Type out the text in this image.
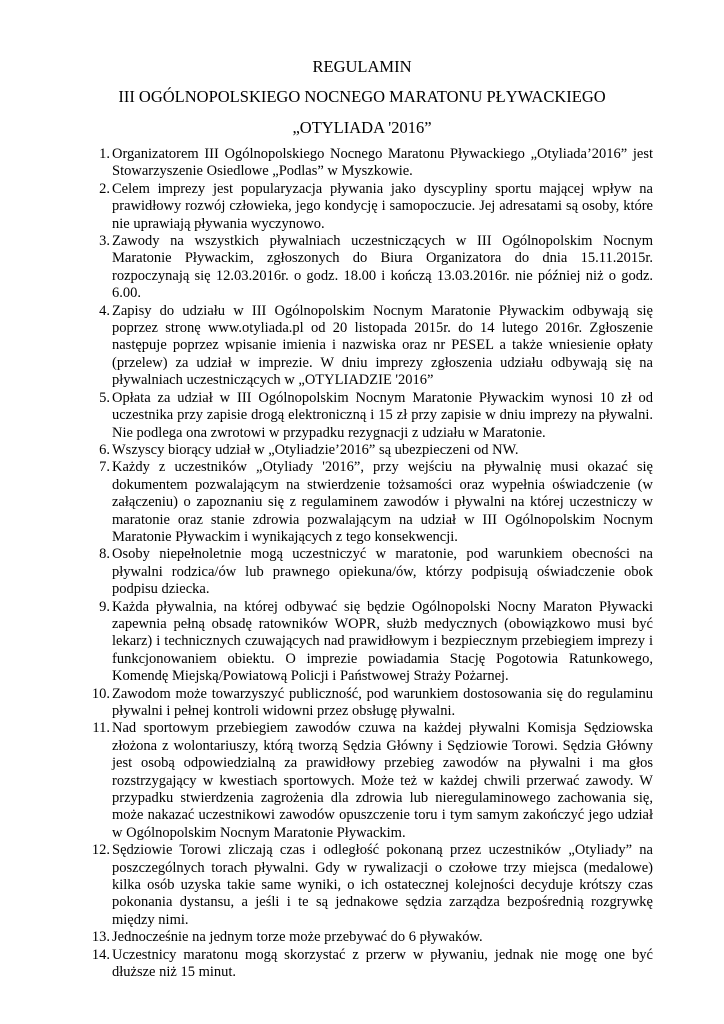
REGULAMIN
III OGÓLNOPOLSKIEGO NOCNEGO MARATONU PŁYWACKIEGO
„OTYLIADA '2016”
1. Organizatorem III Ogólnopolskiego Nocnego Maratonu Pływackiego „Otyliada’2016” jest Stowarzyszenie Osiedlowe „Podlas” w Myszkowie.
2. Celem imprezy jest popularyzacja pływania jako dyscypliny sportu mającej wpływ na prawidłowy rozwój człowieka, jego kondycję i samopoczucie. Jej adresatami są osoby, które nie uprawiają pływania wyczynowo.
3. Zawody na wszystkich pływalniach uczestniczących w III Ogólnopolskim Nocnym Maratonie Pływackim, zgłoszonych do Biura Organizatora do dnia 15.11.2015r. rozpoczynają się 12.03.2016r. o godz. 18.00 i kończą 13.03.2016r. nie później niż o godz. 6.00.
4. Zapisy do udziału w III Ogólnopolskim Nocnym Maratonie Pływackim odbywają się poprzez stronę www.otyliada.pl od 20 listopada 2015r. do 14 lutego 2016r. Zgłoszenie następuje poprzez wpisanie imienia i nazwiska oraz nr PESEL a także wniesienie opłaty (przelew) za udział w imprezie. W dniu imprezy zgłoszenia udziału odbywają się na pływalniach uczestniczących w „OTYLIADZIE '2016”
5. Opłata za udział w III Ogólnopolskim Nocnym Maratonie Pływackim wynosi 10 zł od uczestnika przy zapisie drogą elektroniczną i 15 zł przy zapisie w dniu imprezy na pływalni. Nie podlega ona zwrotowi w przypadku rezygnacji z udziału w Maratonie.
6. Wszyscy biorący udział w „Otyliadzie’2016” są ubezpieczeni od NW.
7. Każdy z uczestników „Otyliady '2016”, przy wejściu na pływalnię musi okazać się dokumentem pozwalającym na stwierdzenie tożsamości oraz wypełnia oświadczenie (w załączeniu) o zapoznaniu się z regulaminem zawodów i pływalni na której uczestniczy w maratonie oraz stanie zdrowia pozwalającym na udział w III Ogólnopolskim Nocnym Maratonie Pływackim i wynikających z tego konsekwencji.
8. Osoby niepełnoletnie mogą uczestniczyć w maratonie, pod warunkiem obecności na pływalni rodzica/ów lub prawnego opiekuna/ów, którzy podpisują oświadczenie obok podpisu dziecka.
9. Każda pływalnia, na której odbywać się będzie Ogólnopolski Nocny Maraton Pływacki zapewnia pełną obsadę ratowników WOPR, służb medycznych (obowiązkowo musi być lekarz) i technicznych czuwających nad prawidłowym i bezpiecznym przebiegiem imprezy i funkcjonowaniem obiektu. O imprezie powiadamia Stację Pogotowia Ratunkowego, Komendę Miejską/Powiatową Policji i Państwowej Straży Pożarnej.
10. Zawodom może towarzyszyć publiczność, pod warunkiem dostosowania się do regulaminu pływalni i pełnej kontroli widowni przez obsługę pływalni.
11. Nad sportowym przebiegiem zawodów czuwa na każdej pływalni Komisja Sędziowska złożona z wolontariuszy, którą tworzą Sędzia Główny i Sędziowie Torowi. Sędzia Główny jest osobą odpowiedzialną za prawidłowy przebieg zawodów na pływalni i ma głos rozstrzygający w kwestiach sportowych. Może też w każdej chwili przerwać zawody. W przypadku stwierdzenia zagrożenia dla zdrowia lub nieregulaminowego zachowania się, może nakazać uczestnikowi zawodów opuszczenie toru i tym samym zakończyć jego udział w Ogólnopolskim Nocnym Maratonie Pływackim.
12. Sędziowie Torowi zliczają czas i odległość pokonaną przez uczestników „Otyliady” na poszczególnych torach pływalni. Gdy w rywalizacji o czołowe trzy miejsca (medalowe) kilka osób uzyska takie same wyniki, o ich ostatecznej kolejności decyduje krótszy czas pokonania dystansu, a jeśli i te są jednakowe sędzia zarządza bezpośrednią rozgrywkę między nimi.
13. Jednocześnie na jednym torze może przebywać do 6 pływaków.
14. Uczestnicy maratonu mogą skorzystać z przerw w pływaniu, jednak nie mogę one być dłuższe niż 15 minut.
